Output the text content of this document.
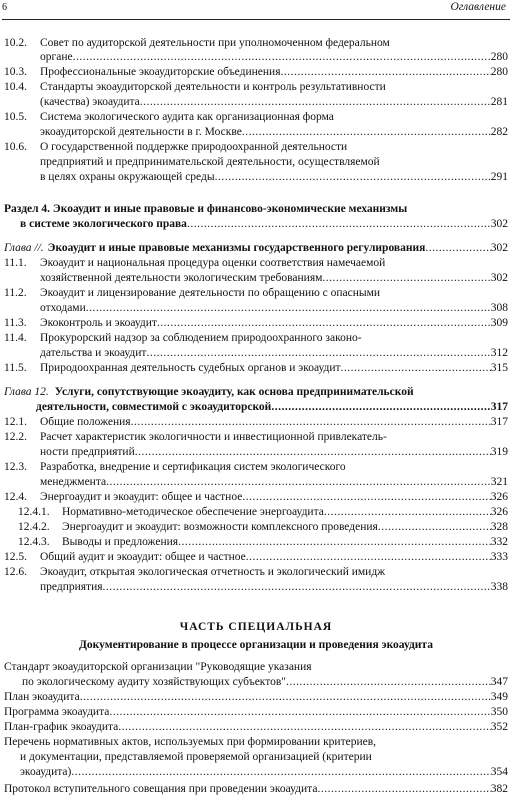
6	Оглавление
10.2.	Совет по аудиторской деятельности при уполномоченном федеральном
органе .....	280
10.3.	Профессиональные экоаудиторские объединения .....	280
10.4.	Стандарты экоаудиторской деятельности и контроль результативности
(качества) экоаудита .....	281
10.5.	Система экологического аудита как организационная форма
экоаудиторской деятельности в г. Москве .....	282
10.6.	О государственной поддержке природоохранной деятельности
предприятий и предпринимательской деятельности, осуществляемой
в целях охраны окружающей среды .....	291
Раздел 4. Экоаудит и иные правовые и финансово-экономические механизмы
в системе экологического права .....	302
Глава //. Экоаудит и иные правовые механизмы государственного регулирования .....	302
11.1.	Экоаудит и национальная процедура оценки соответствия намечаемой
хозяйственной деятельности экологическим требованиям .....	302
11.2.	Экоаудит и лицензирование деятельности по обращению с опасными
отходами .....	308
11.3.	Экоконтроль и экоаудит .....	309
11.4.	Прокурорский надзор за соблюдением природоохранного законо-
дательства и экоаудит .....	312
11.5.	Природоохранная деятельность судебных органов и экоаудит .....	315
Глава 12. Услуги, сопутствующие экоаудиту, как основа предпринимательской
деятельности, совместимой с экоаудиторской .....	317
12.1.	Общие положения .....	317
12.2.	Расчет характеристик экологичности и инвестиционной привлекатель-
ности предприятий .....	319
12.3.	Разработка, внедрение и сертификация систем экологического
менеджмента .....	321
12.4.	Энергоаудит и экоаудит: общее и частное .....	326
12.4.1.	Нормативно-методическое обеспечение энергоаудита .....	326
12.4.2.	Энергоаудит и экоаудит: возможности комплексного проведения .....	328
12.4.3.	Выводы и предложения .....	332
12.5.	Общий аудит и экоаудит: общее и частное .....	333
12.6.	Экоаудит, открытая экологическая отчетность и экологический имидж
предприятия .....	338
ЧАСТЬ СПЕЦИАЛЬНАЯ
Документирование в процессе организации и проведения экоаудита
Стандарт экоаудиторской организации "Руководящие указания
по экологическому аудиту хозяйствующих субъектов" .....	347
План экоаудита .....	349
Программа экоаудита .....	350
План-график экоаудита .....	352
Перечень нормативных актов, используемых при формировании критериев,
и документации, представляемой проверяемой организацией (критерии
экоаудита) .....	354
Протокол вступительного совещания при проведении экоаудита .....	382
